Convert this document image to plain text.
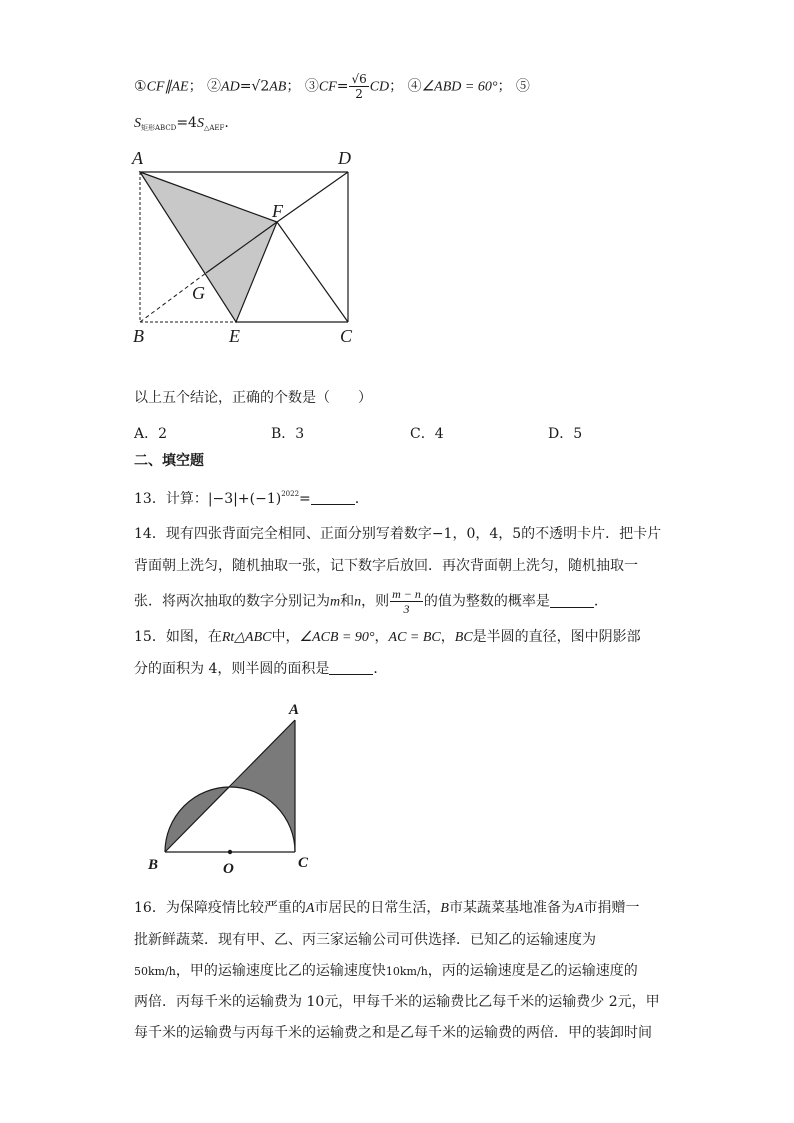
①CF∥AE； ②AD=√2AB； ③CF= $\frac{√6}{2}$ CD； ④∠ABD = 60°； ⑤
$S_{矩形ABCD}=4S_{\triangle AEF}$.
A	D
F
G
B	E	C
以上五个结论，正确的个数是（　　）
A．2	B．3	C．4	D．5
二、填空题
13．计算：$|-3|+(-1)^{2022}=$	.
14．现有四张背面完全相同、正面分别写着数字−1，0，4，5的不透明卡片．把卡片
背面朝上洗匀，随机抽取一张，记下数字后放回．再次背面朝上洗匀，随机抽取一
张．将两次抽取的数字分别记为m和n，则 $\frac{m - n}{3}$ 的值为整数的概率是	.
15．如图，在Rt△ABC中，∠ACB = 90°，AC = BC，BC是半圆的直径，图中阴影部
分的面积为 4，则半圆的面积是	．
A
B	O	C
16．为保障疫情比较严重的A市居民的日常生活，B市某蔬菜基地准备为A市捐赠一
批新鲜蔬菜．现有甲、乙、丙三家运输公司可供选择．已知乙的运输速度为
50km/h，甲的运输速度比乙的运输速度快10km/h，丙的运输速度是乙的运输速度的
两倍．丙每千米的运输费为 10元，甲每千米的运输费比乙每千米的运输费少 2元，甲
每千米的运输费与丙每千米的运输费之和是乙每千米的运输费的两倍．甲的装卸时间
